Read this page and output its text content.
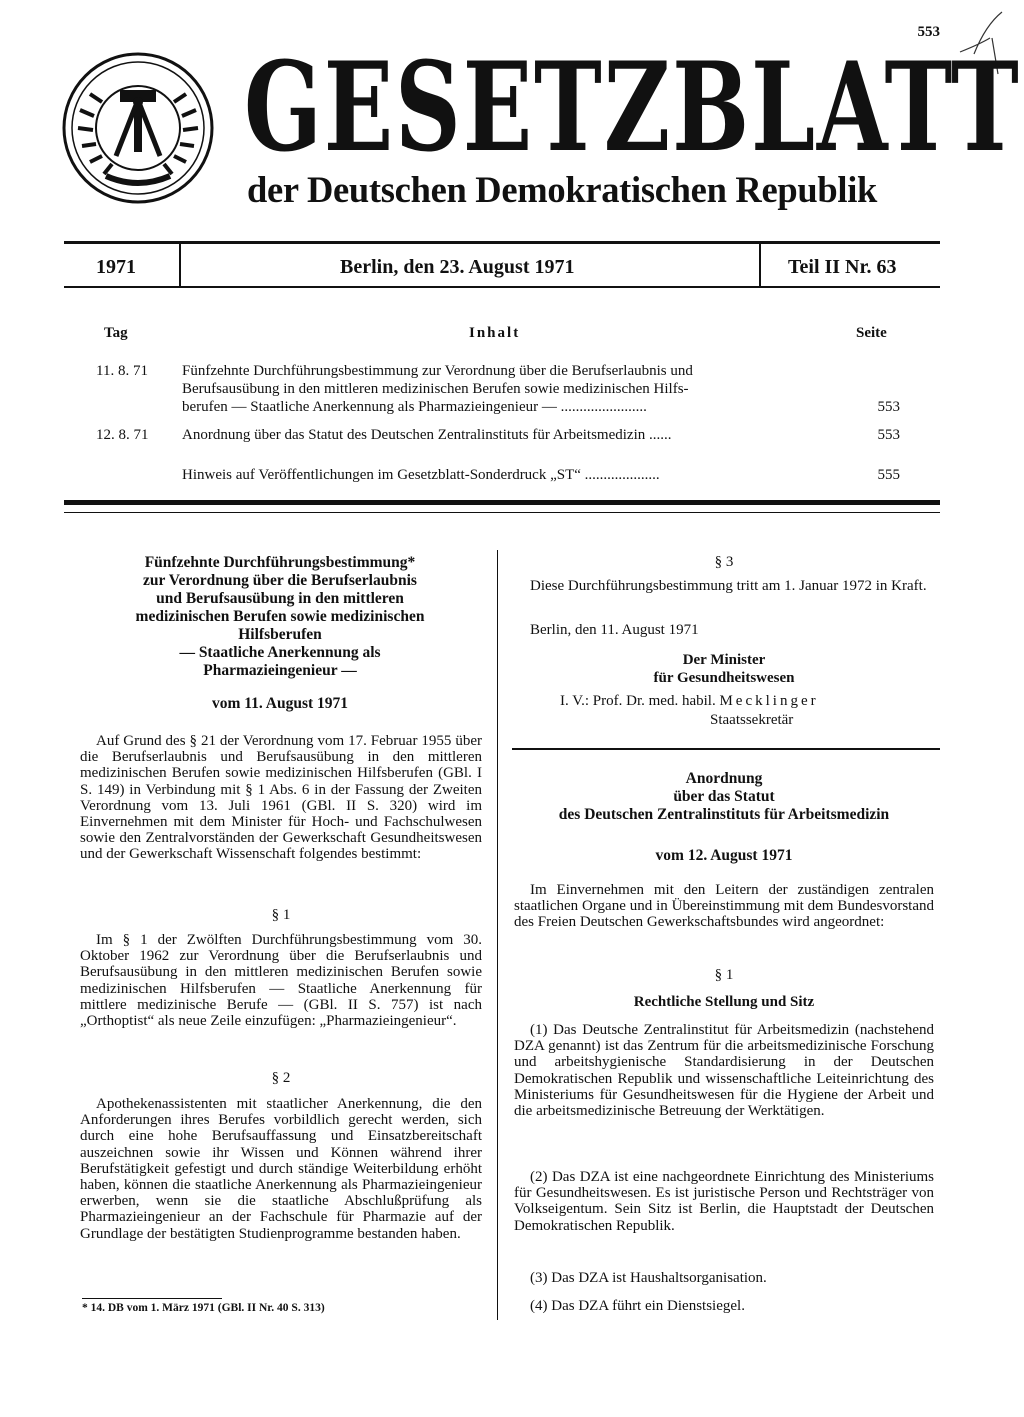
553
GESETZBLATT
der Deutschen Demokratischen Republik
1971	Berlin, den 23. August 1971	Teil II Nr. 63
Tag	Inhalt	Seite
11. 8. 71	Fünfzehnte Durchführungsbestimmung zur Verordnung über die Berufserlaubnis und
Berufsausübung in den mittleren medizinischen Berufen sowie medizinischen Hilfs-
berufen — Staatliche Anerkennung als Pharmazieingenieur — .......................	553
12. 8. 71	Anordnung über das Statut des Deutschen Zentralinstituts für Arbeitsmedizin ......	553
Hinweis auf Veröffentlichungen im Gesetzblatt-Sonderdruck „ST“ ....................	555
Fünfzehnte Durchführungsbestimmung*
zur Verordnung über die Berufserlaubnis
und Berufsausübung in den mittleren
medizinischen Berufen sowie medizinischen
Hilfsberufen
— Staatliche Anerkennung als
Pharmazieingenieur —
vom 11. August 1971

Auf Grund des § 21 der Verordnung vom 17. Februar 1955 über die Berufserlaubnis und Berufsausübung in den mittleren medizinischen Berufen sowie medizinischen Hilfsberufen (GBl. I S. 149) in Verbindung mit § 1 Abs. 6 in der Fassung der Zweiten Verordnung vom 13. Juli 1961 (GBl. II S. 320) wird im Einvernehmen mit dem Minister für Hoch- und Fachschulwesen sowie den Zentralvorständen der Gewerkschaft Gesundheitswesen und der Gewerkschaft Wissenschaft folgendes bestimmt:

§ 1

Im § 1 der Zwölften Durchführungsbestimmung vom 30. Oktober 1962 zur Verordnung über die Berufserlaubnis und Berufsausübung in den mittleren medizinischen Berufen sowie medizinischen Hilfsberufen — Staatliche Anerkennung für mittlere medizinische Berufe — (GBl. II S. 757) ist nach „Orthoptist“ als neue Zeile einzufügen: „Pharmazieingenieur“.

§ 2

Apothekenassistenten mit staatlicher Anerkennung, die den Anforderungen ihres Berufes vorbildlich gerecht werden, sich durch eine hohe Berufsauffassung und Einsatzbereitschaft auszeichnen sowie ihr Wissen und Können während ihrer Berufstätigkeit gefestigt und durch ständige Weiterbildung erhöht haben, können die staatliche Anerkennung als Pharmazieingenieur erwerben, wenn sie die staatliche Abschlußprüfung als Pharmazieingenieur an der Fachschule für Pharmazie auf der Grundlage der bestätigten Studienprogramme bestanden haben.

* 14. DB vom 1. März 1971 (GBl. II Nr. 40 S. 313)
§ 3

Diese Durchführungsbestimmung tritt am 1. Januar 1972 in Kraft.

Berlin, den 11. August 1971

Der Minister
für Gesundheitswesen
I. V.: Prof. Dr. med. habil. Mecklinger
Staatssekretär
Anordnung
über das Statut
des Deutschen Zentralinstituts für Arbeitsmedizin
vom 12. August 1971

Im Einvernehmen mit den Leitern der zuständigen zentralen staatlichen Organe und in Übereinstimmung mit dem Bundesvorstand des Freien Deutschen Gewerkschaftsbundes wird angeordnet:

§ 1
Rechtliche Stellung und Sitz

(1) Das Deutsche Zentralinstitut für Arbeitsmedizin (nachstehend DZA genannt) ist das Zentrum für die arbeitsmedizinische Forschung und arbeitshygienische Standardisierung in der Deutschen Demokratischen Republik und wissenschaftliche Leiteinrichtung des Ministeriums für Gesundheitswesen für die Hygiene der Arbeit und die arbeitsmedizinische Betreuung der Werktätigen.

(2) Das DZA ist eine nachgeordnete Einrichtung des Ministeriums für Gesundheitswesen. Es ist juristische Person und Rechtsträger von Volkseigentum. Sein Sitz ist Berlin, die Hauptstadt der Deutschen Demokratischen Republik.

(3) Das DZA ist Haushaltsorganisation.

(4) Das DZA führt ein Dienstsiegel.
